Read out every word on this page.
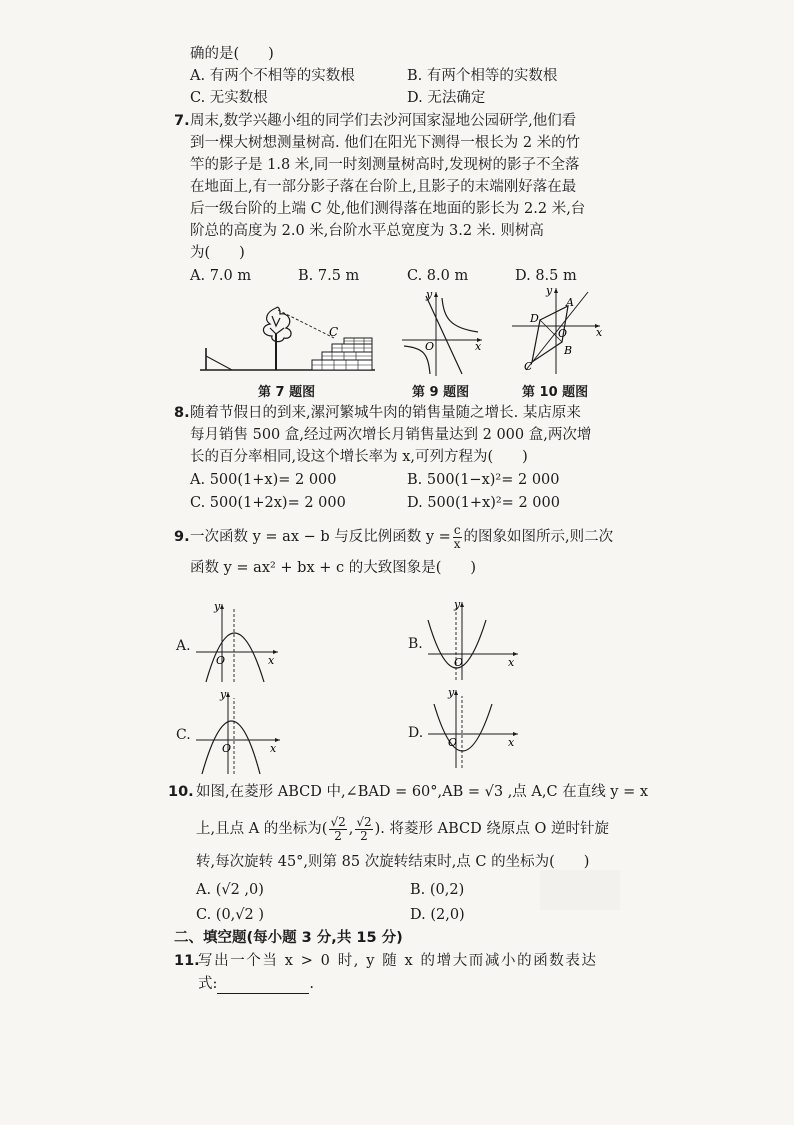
确的是(　　)
A. 有两个不相等的实数根	B. 有两个相等的实数根
C. 无实数根	D. 无法确定
7. 周末,数学兴趣小组的同学们去沙河国家湿地公园研学,他们看
到一棵大树想测量树高. 他们在阳光下测得一根长为 2 米的竹
竿的影子是 1.8 米,同一时刻测量树高时,发现树的影子不全落
在地面上,有一部分影子落在台阶上,且影子的末端刚好落在最
后一级台阶的上端 C 处,他们测得落在地面的影长为 2.2 米,台
阶总的高度为 2.0 米,台阶水平总宽度为 3.2 米. 则树高
为(　　)
A. 7.0 m	B. 7.5 m	C. 8.0 m	D. 8.5 m
C
第 7 题图
y
x
O
第 9 题图
A
B
C
D
O
y
x
第 10 题图
8. 随着节假日的到来,漯河繁城牛肉的销售量随之增长. 某店原来
每月销售 500 盒,经过两次增长月销售量达到 2 000 盒,两次增
长的百分率相同,设这个增长率为 x,可列方程为(　　)
A. 500(1+x)= 2 000	B. 500(1−x)²= 2 000
C. 500(1+2x)= 2 000	D. 500(1+x)²= 2 000
9. 一次函数 y = ax − b 与反比例函数 $y = \frac{c}{x}$ 的图象如图所示,则二次
函数 y = ax² + bx + c 的大致图象是(　　)
A.
y
x
O
B.
y
x
O
C.
y
x
O
D.
y
x
O
10. 如图,在菱形 ABCD 中,∠BAD = 60°,AB = √3 ,点 A,C 在直线 y = x
上,且点 A 的坐标为( $\frac{√2}{2}$ , $\frac{√2}{2}$ ). 将菱形 ABCD 绕原点 O 逆时针旋
转,每次旋转 45°,则第 85 次旋转结束时,点 C 的坐标为(　　)
A. (√2 ,0)	B. (0,2)
C. (0,√2 )	D. (2,0)
二、填空题(每小题 3 分,共 15 分)
11.
写出一个当 x > 0 时, y 随 x 的增大而减小的函数表达
式:	.
